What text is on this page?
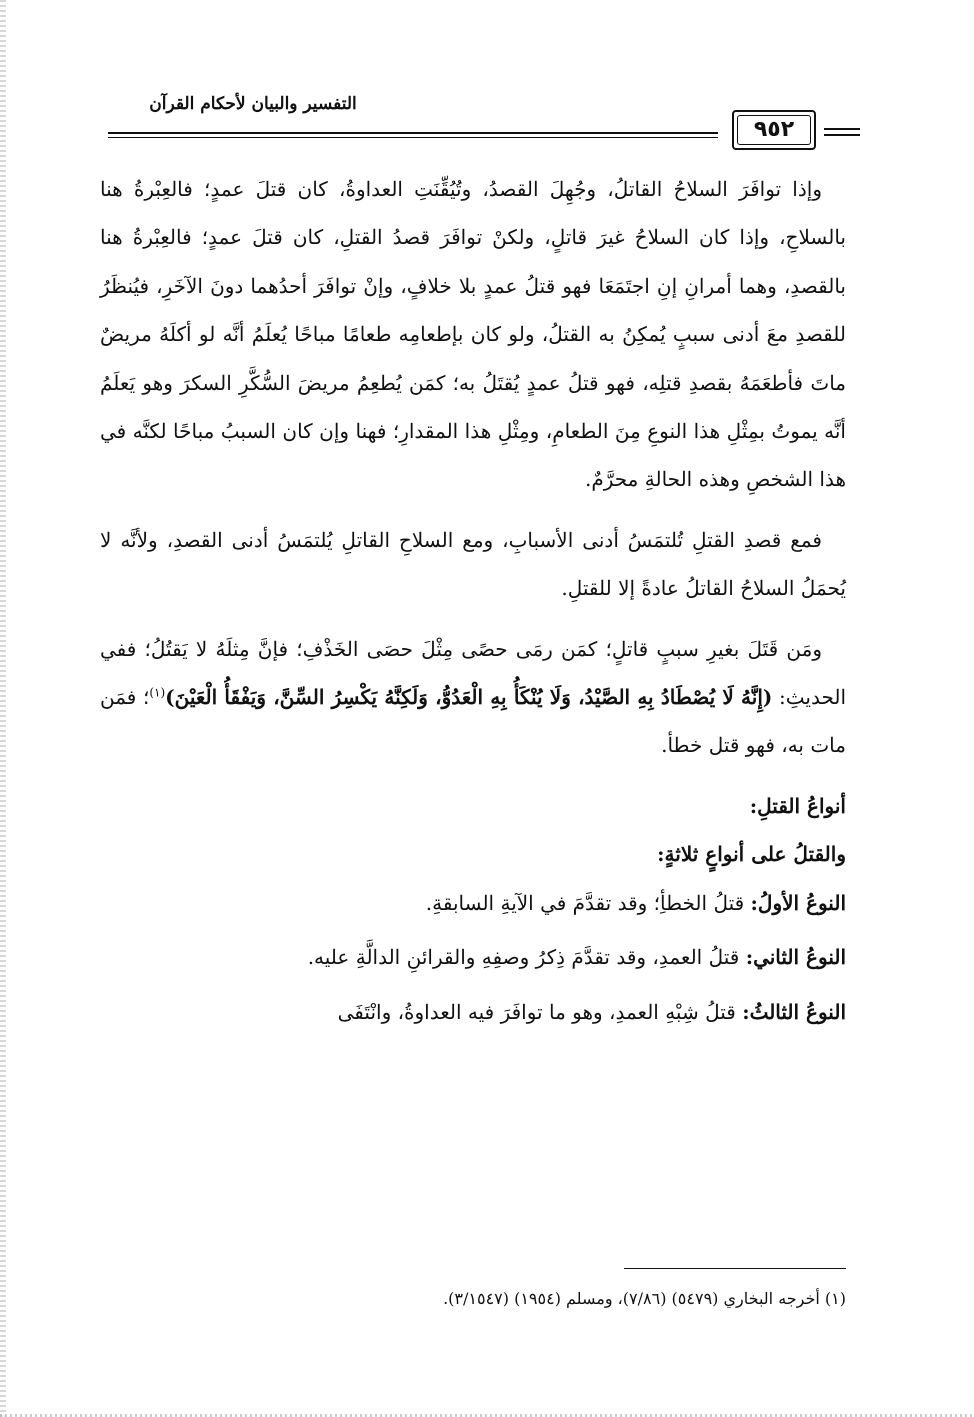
التفسير والبيان لأحكام القرآن
٩٥٢

وإذا توافَرَ السلاحُ القاتلُ، وجُهِلَ القصدُ، وتُيُقِّنَتِ العداوةُ، كان قتلَ عمدٍ؛ فالعِبْرةُ هنا بالسلاحِ، وإذا كان السلاحُ غيرَ قاتلٍ، ولكنْ توافَرَ قصدُ القتلِ، كان قتلَ عمدٍ؛ فالعِبْرةُ هنا بالقصدِ، وهما أمرانِ إنِ اجتَمَعَا فهو قتلُ عمدٍ بلا خلافٍ، وإنْ توافَرَ أحدُهما دونَ الآخَرِ، فيُنظَرُ للقصدِ معَ أدنى سببٍ يُمكِنُ به القتلُ، ولو كان بإطعامِه طعامًا مباحًا يُعلَمُ أنَّه لو أكلَهُ مريضٌ ماتَ فأطعَمَهُ بقصدِ قتلِه، فهو قتلُ عمدٍ يُقتَلُ به؛ كمَن يُطعِمُ مريضَ السُّكَّرِ السكرَ وهو يَعلَمُ أنَّه يموتُ بمِثْلِ هذا النوعِ مِنَ الطعامِ، ومِثْلِ هذا المقدارِ؛ فهنا وإن كان السببُ مباحًا لكنَّه في هذا الشخصِ وهذه الحالةِ محرَّمٌ.

فمع قصدِ القتلِ تُلتمَسُ أدنى الأسبابِ، ومع السلاحِ القاتلِ يُلتمَسُ أدنى القصدِ، ولأنَّه لا يُحمَلُ السلاحُ القاتلُ عادةً إلا للقتلِ.

ومَن قَتَلَ بغيرِ سببٍ قاتلٍ؛ كمَن رمَى حصًى مِثْلَ حصَى الخَذْفِ؛ فإنَّ مِثلَهُ لا يَقتُلُ؛ ففي الحديثِ: (إِنَّهُ لَا يُصْطَادُ بِهِ الصَّيْدُ، وَلَا يُنْكَأُ بِهِ الْعَدُوُّ، وَلَكِنَّهُ يَكْسِرُ السِّنَّ، وَيَفْقَأُ الْعَيْنَ)$^{(١)}$؛ فمَن مات به، فهو قتل خطأ.

أنواعُ القتلِ:

والقتلُ على أنواعٍ ثلاثةٍ:

النوعُ الأولُ: قتلُ الخطأِ؛ وقد تقدَّمَ في الآيةِ السابقةِ.

النوعُ الثاني: قتلُ العمدِ، وقد تقدَّمَ ذِكرُ وصفِهِ والقرائنِ الدالَّةِ عليه.

النوعُ الثالثُ: قتلُ شِبْهِ العمدِ، وهو ما توافَرَ فيه العداوةُ، وانْتَفَى

(١) أخرجه البخاري (٥٤٧٩) (٧/٨٦)، ومسلم (١٩٥٤) (٣/١٥٤٧).
